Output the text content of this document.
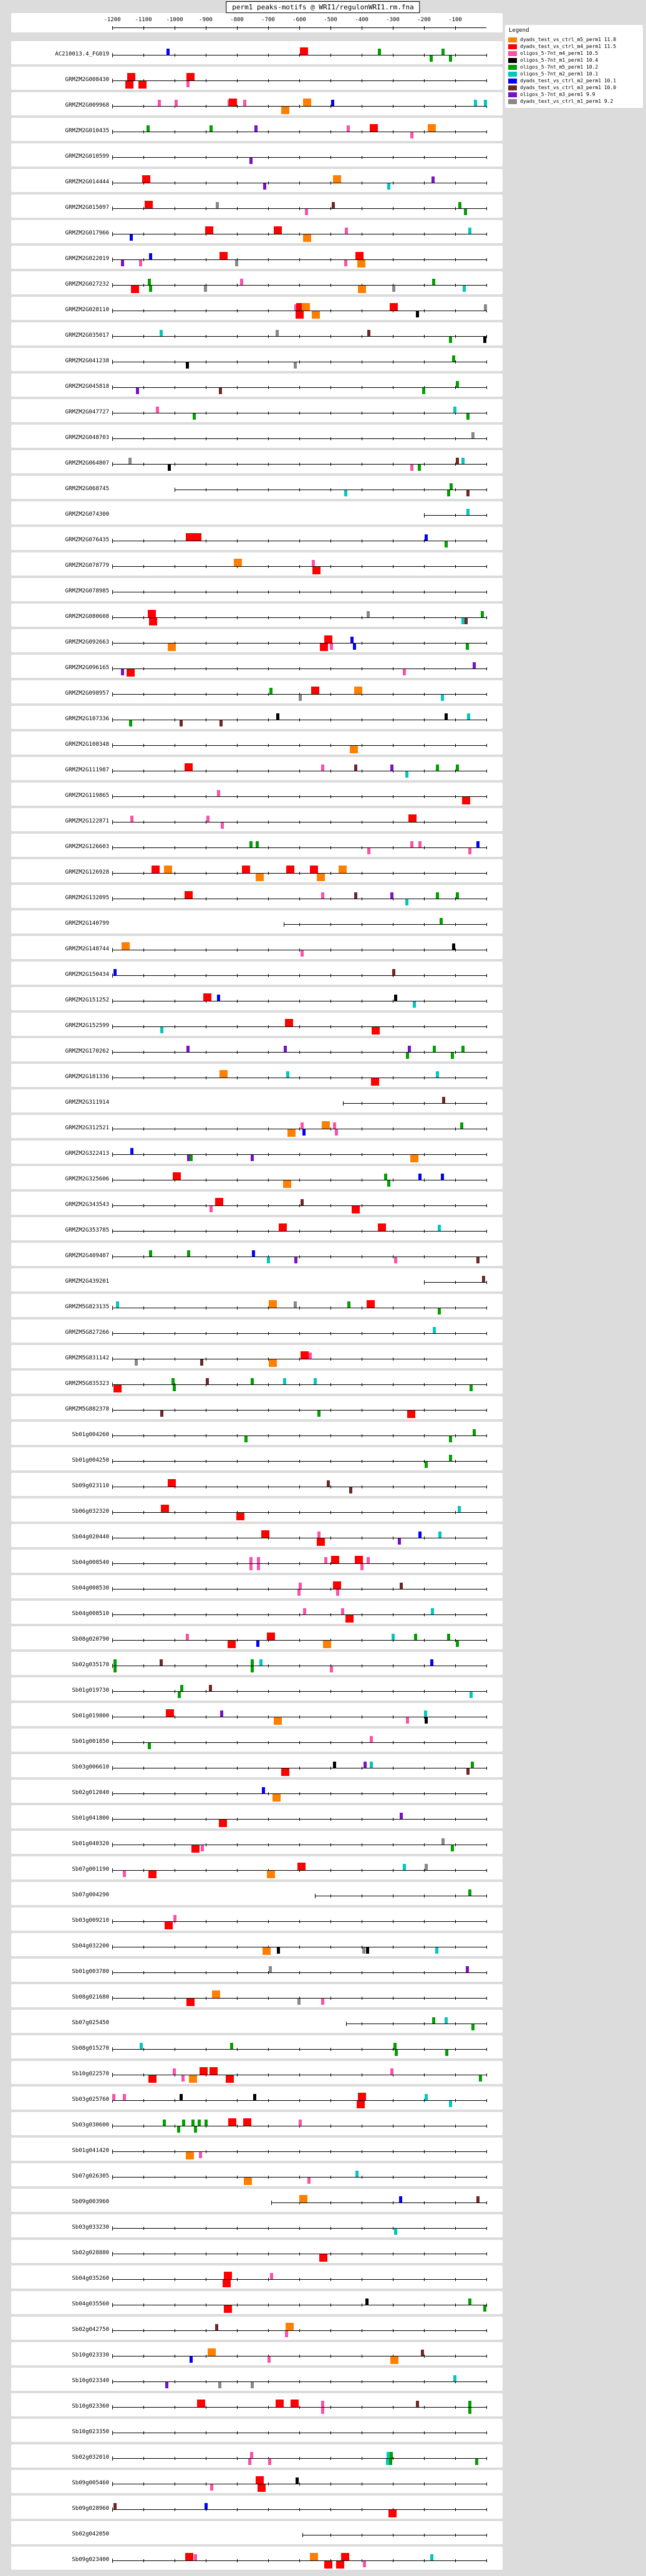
perm1 peaks-motifs @ WRI1/regulonWRI1.rm.fna
-1200	-1100	-1000	-900	-800	-700	-600	-500	-400	-300	-200	-100
Legend
dyads_test_vs_ctrl_m5_perm1 11.8
dyads_test_vs_ctrl_m4_perm1 11.5
oligos_5-7nt_m4_perm1 10.5
oligos_5-7nt_m1_perm1 10.4
oligos_5-7nt_m5_perm1 10.2
oligos_5-7nt_m2_perm1 10.1
dyads_test_vs_ctrl_m2_perm1 10.1
dyads_test_vs_ctrl_m3_perm1 10.0
oligos_5-7nt_m3_perm1 9.9
dyads_test_vs_ctrl_m1_perm1 9.2
AC210013.4_FG019
GRMZM2G008430
GRMZM2G009968
GRMZM2G010435
GRMZM2G010599
GRMZM2G014444
GRMZM2G015097
GRMZM2G017966
GRMZM2G022019
GRMZM2G027232
GRMZM2G028110
GRMZM2G035017
GRMZM2G041238
GRMZM2G045818
GRMZM2G047727
GRMZM2G048703
GRMZM2G064807
GRMZM2G068745
GRMZM2G074300
GRMZM2G076435
GRMZM2G078779
GRMZM2G078985
GRMZM2G080608
GRMZM2G092663
GRMZM2G096165
GRMZM2G098957
GRMZM2G107336
GRMZM2G108348
GRMZM2G111987
GRMZM2G119865
GRMZM2G122871
GRMZM2G126603
GRMZM2G126928
GRMZM2G132095
GRMZM2G140799
GRMZM2G148744
GRMZM2G150434
GRMZM2G151252
GRMZM2G152599
GRMZM2G170262
GRMZM2G181336
GRMZM2G311914
GRMZM2G312521
GRMZM2G322413
GRMZM2G325606
GRMZM2G343543
GRMZM2G353785
GRMZM2G409407
GRMZM2G439201
GRMZM5G823135
GRMZM5G827266
GRMZM5G831142
GRMZM5G835323
GRMZM5G882378
Sb01g004260
Sb01g004250
Sb09g023110
Sb06g032320
Sb04g020440
Sb04g008540
Sb04g008530
Sb04g008510
Sb08g020790
Sb02g035170
Sb01g019730
Sb01g019800
Sb01g001850
Sb03g006610
Sb02g012040
Sb01g041800
Sb01g040320
Sb07g001190
Sb07g004290
Sb03g009210
Sb04g032200
Sb01g003780
Sb08g021680
Sb07g025450
Sb08g015270
Sb10g022570
Sb03g025760
Sb03g030600
Sb01g041420
Sb07g026305
Sb09g003960
Sb03g033230
Sb02g028880
Sb04g035260
Sb04g035560
Sb02g042750
Sb10g023330
Sb10g023340
Sb10g023360
Sb10g023350
Sb02g032010
Sb09g005460
Sb09g028960
Sb02g042050
Sb09g023400
